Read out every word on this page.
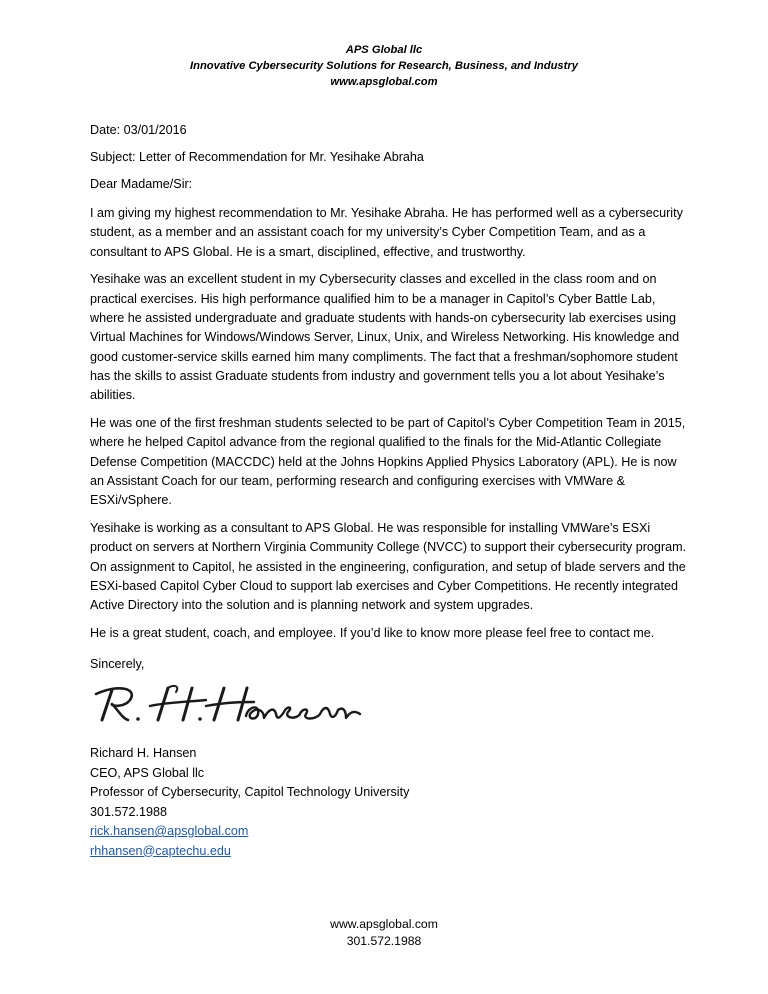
APS Global llc
Innovative Cybersecurity Solutions for Research, Business, and Industry
www.apsglobal.com
Date: 03/01/2016
Subject: Letter of Recommendation for Mr. Yesihake Abraha
Dear Madame/Sir:

I am giving my highest recommendation to Mr. Yesihake Abraha. He has performed well as a cybersecurity student, as a member and an assistant coach for my university’s Cyber Competition Team, and as a consultant to APS Global. He is a smart, disciplined, effective, and trustworthy.

Yesihake was an excellent student in my Cybersecurity classes and excelled in the class room and on practical exercises. His high performance qualified him to be a manager in Capitol’s Cyber Battle Lab, where he assisted undergraduate and graduate students with hands-on cybersecurity lab exercises using Virtual Machines for Windows/Windows Server, Linux, Unix, and Wireless Networking. His knowledge and good customer-service skills earned him many compliments. The fact that a freshman/sophomore student has the skills to assist Graduate students from industry and government tells you a lot about Yesihake’s abilities.

He was one of the first freshman students selected to be part of Capitol’s Cyber Competition Team in 2015, where he helped Capitol advance from the regional qualified to the finals for the Mid-Atlantic Collegiate Defense Competition (MACCDC) held at the Johns Hopkins Applied Physics Laboratory (APL). He is now an Assistant Coach for our team, performing research and configuring exercises with VMWare & ESXi/vSphere.

Yesihake is working as a consultant to APS Global. He was responsible for installing VMWare’s ESXi product on servers at Northern Virginia Community College (NVCC) to support their cybersecurity program. On assignment to Capitol, he assisted in the engineering, configuration, and setup of blade servers and the ESXi-based Capitol Cyber Cloud to support lab exercises and Cyber Competitions. He recently integrated Active Directory into the solution and is planning network and system upgrades.

He is a great student, coach, and employee. If you’d like to know more please feel free to contact me.

Sincerely,
Richard H. Hansen
CEO, APS Global llc
Professor of Cybersecurity, Capitol Technology University
301.572.1988
rick.hansen@apsglobal.com
rhhansen@captechu.edu
www.apsglobal.com
301.572.1988
